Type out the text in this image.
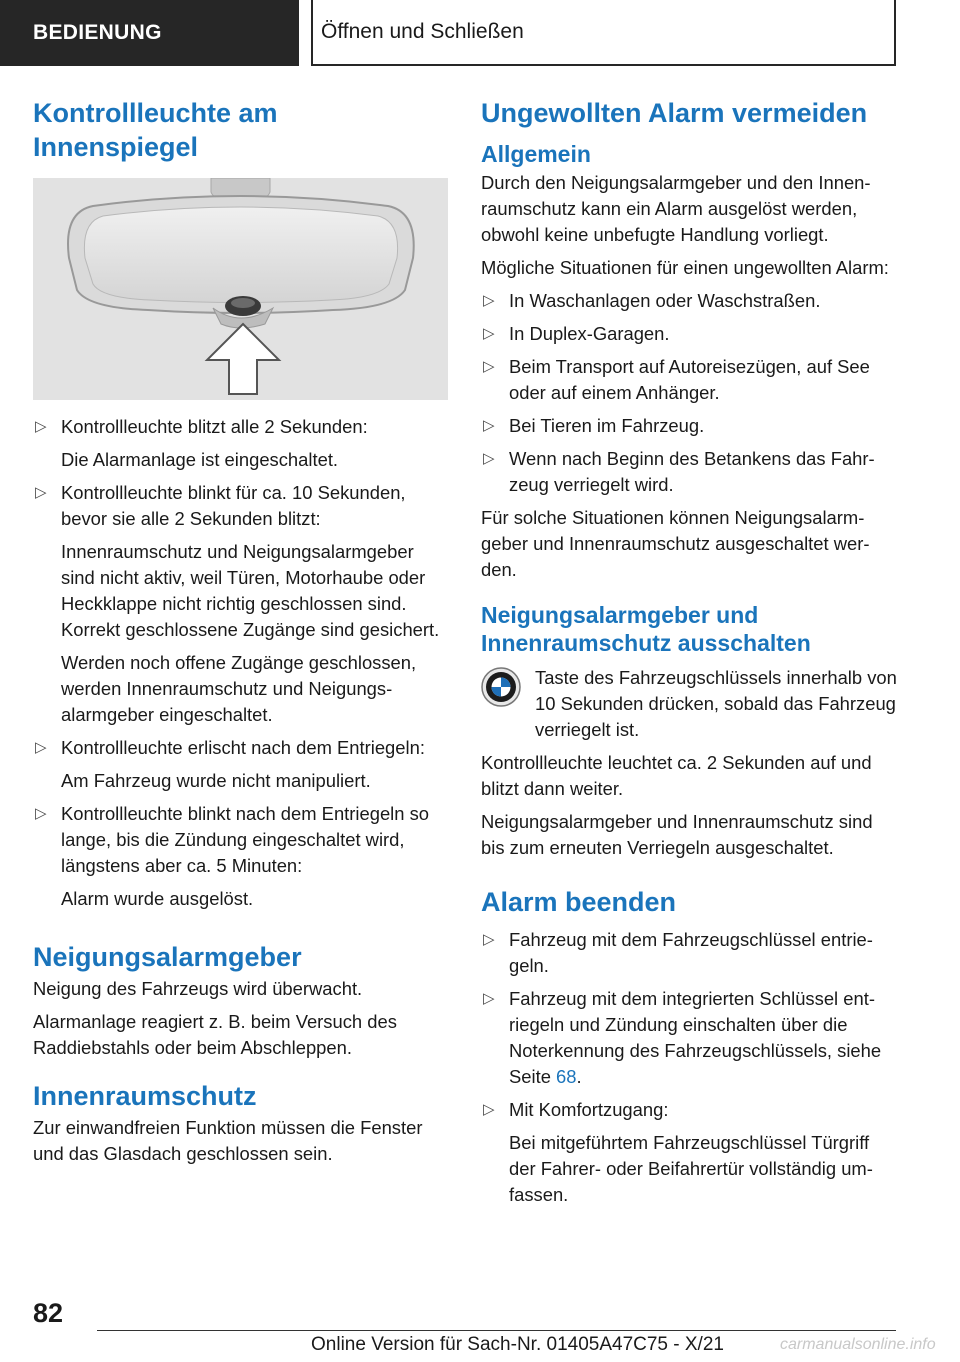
BEDIENUNG	Öffnen und Schließen
Kontrollleuchte am Innenspiegel
▷ Kontrollleuchte blitzt alle 2 Sekunden:
Die Alarmanlage ist eingeschaltet.
▷ Kontrollleuchte blinkt für ca. 10 Sekunden, bevor sie alle 2 Sekunden blitzt:
Innenraumschutz und Neigungsalarmgeber sind nicht aktiv, weil Türen, Motorhaube oder Heckklappe nicht richtig geschlossen sind. Korrekt geschlossene Zugänge sind gesichert.
Werden noch offene Zugänge geschlossen, werden Innenraumschutz und Neigungsalarmgeber eingeschaltet.
▷ Kontrollleuchte erlischt nach dem Entriegeln:
Am Fahrzeug wurde nicht manipuliert.
▷ Kontrollleuchte blinkt nach dem Entriegeln so lange, bis die Zündung eingeschaltet wird, längstens aber ca. 5 Minuten:
Alarm wurde ausgelöst.
Neigungsalarmgeber

Neigung des Fahrzeugs wird überwacht.

Alarmanlage reagiert z. B. beim Versuch des Raddiebstahls oder beim Abschleppen.

Innenraumschutz

Zur einwandfreien Funktion müssen die Fenster und das Glasdach geschlossen sein.

Ungewollten Alarm vermeiden
Allgemein

Durch den Neigungsalarmgeber und den Innenraumschutz kann ein Alarm ausgelöst werden, obwohl keine unbefugte Handlung vorliegt.

Mögliche Situationen für einen ungewollten Alarm:

▷ In Waschanlagen oder Waschstraßen.
▷ In Duplex-Garagen.
▷ Beim Transport auf Autoreisezügen, auf See oder auf einem Anhänger.
▷ Bei Tieren im Fahrzeug.
▷ Wenn nach Beginn des Betankens das Fahrzeug verriegelt wird.

Für solche Situationen können Neigungsalarmgeber und Innenraumschutz ausgeschaltet werden.

Neigungsalarmgeber und Innenraumschutz ausschalten
Taste des Fahrzeugschlüssels innerhalb von 10 Sekunden drücken, sobald das Fahrzeug verriegelt ist.

Kontrollleuchte leuchtet ca. 2 Sekunden auf und blitzt dann weiter.

Neigungsalarmgeber und Innenraumschutz sind bis zum erneuten Verriegeln ausgeschaltet.

Alarm beenden
▷ Fahrzeug mit dem Fahrzeugschlüssel entriegeln.
▷ Fahrzeug mit dem integrierten Schlüssel entriegeln und Zündung einschalten über die Noterkennung des Fahrzeugschlüssels, siehe Seite 68.
▷ Mit Komfortzugang:
Bei mitgeführtem Fahrzeugschlüssel Türgriff der Fahrer- oder Beifahrertür vollständig umfassen.
82
Online Version für Sach-Nr. 01405A47C75 - X/21	carmanualsonline.info
